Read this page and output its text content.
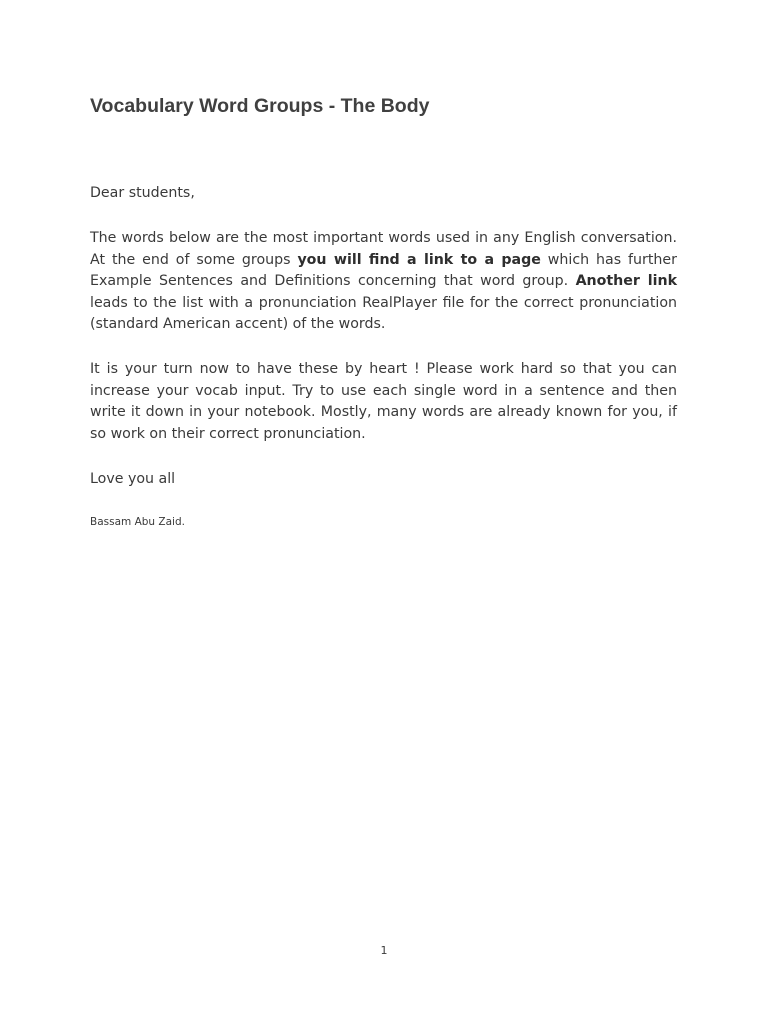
Vocabulary Word Groups - The Body

Dear students,

The words below are the most important words used in any English conversation. At the end of some groups you will find a link to a page which has further Example Sentences and Definitions concerning that word group. Another link leads to the list with a pronunciation RealPlayer file for the correct pronunciation (standard American accent) of the words.

It is your turn now to have these by heart ! Please work hard so that you can increase your vocab input. Try to use each single word in a sentence and then write it down in your notebook. Mostly, many words are already known for you, if so work on their correct pronunciation.

Love you all

Bassam Abu Zaid.

1
